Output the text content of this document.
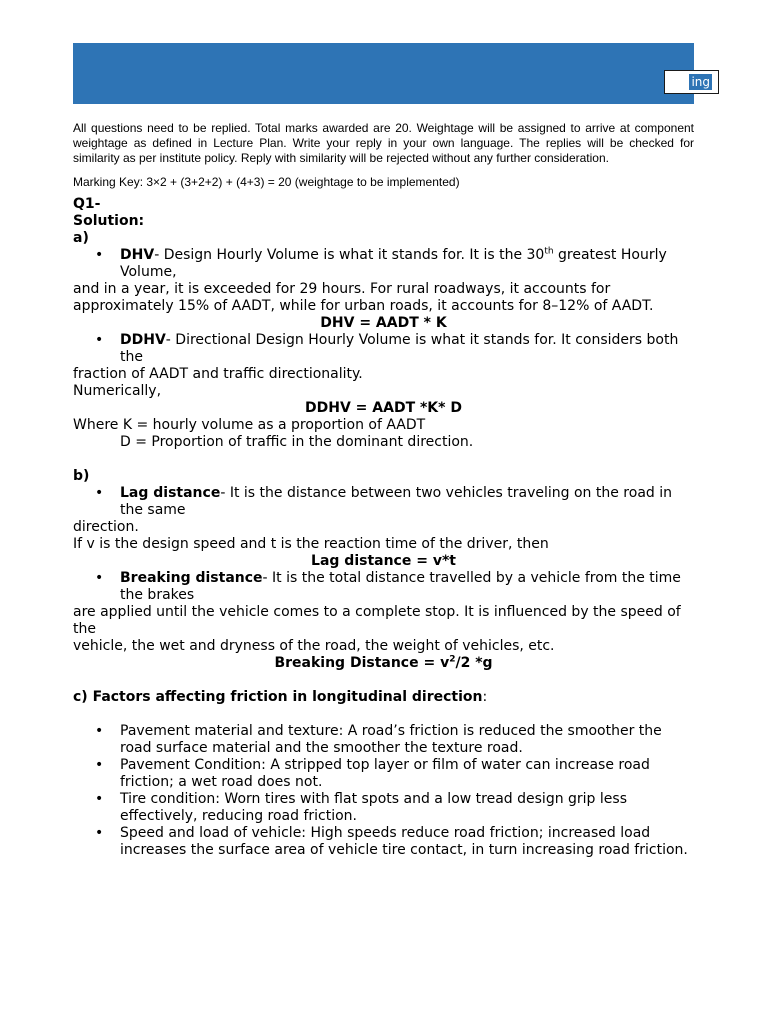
ing

All questions need to be replied. Total marks awarded are 20. Weightage will be assigned to arrive at component weightage as defined in Lecture Plan. Write your reply in your own language. The replies will be checked for similarity as per institute policy. Reply with similarity will be rejected without any further consideration.

Marking Key: 3×2 + (3+2+2) + (4+3) = 20 (weightage to be implemented)

Q1-

Solution:

a)

• DHV- Design Hourly Volume is what it stands for. It is the 30th greatest Hourly Volume,

and in a year, it is exceeded for 29 hours. For rural roadways, it accounts for approximately 15% of AADT, while for urban roads, it accounts for 8–12% of AADT.

DHV = AADT * K

• DDHV- Directional Design Hourly Volume is what it stands for. It considers both the

fraction of AADT and traffic directionality.

Numerically,

DDHV = AADT *K* D

Where K = hourly volume as a proportion of AADT

D = Proportion of traffic in the dominant direction.

b)

• Lag distance- It is the distance between two vehicles traveling on the road in the same

direction.

If v is the design speed and t is the reaction time of the driver, then

Lag distance = v*t

• Breaking distance- It is the total distance travelled by a vehicle from the time the brakes

are applied until the vehicle comes to a complete stop. It is influenced by the speed of the

vehicle, the wet and dryness of the road, the weight of vehicles, etc.

Breaking Distance = $v^2/2$ *g

c) Factors affecting friction in longitudinal direction:

• Pavement material and texture: A road’s friction is reduced the smoother the road surface material and the smoother the texture road.

• Pavement Condition: A stripped top layer or film of water can increase road friction; a wet road does not.

• Tire condition: Worn tires with flat spots and a low tread design grip less effectively, reducing road friction.

• Speed and load of vehicle: High speeds reduce road friction; increased load increases the surface area of vehicle tire contact, in turn increasing road friction.
